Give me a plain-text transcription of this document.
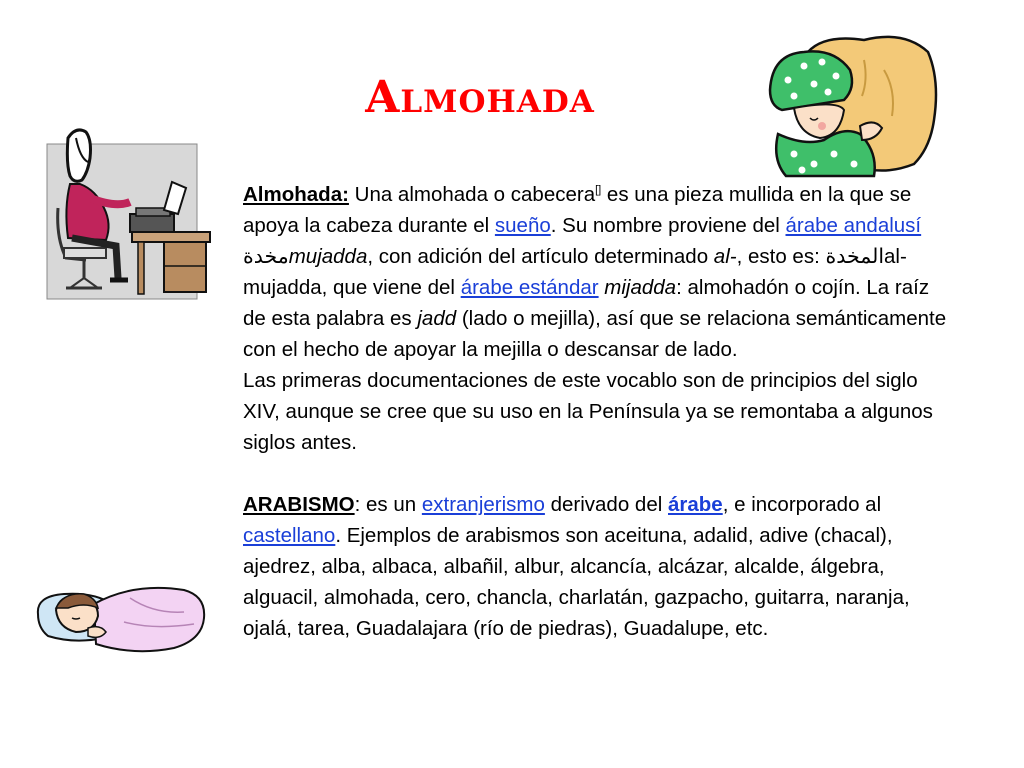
Almohada

Almohada: Una almohada o cabecera[] es una pieza mullida en la que se apoya la cabeza durante el sueño. Su nombre proviene del árabe andalusí مخدةmujadda, con adición del artículo determinado al-, esto es: المخدةal-mujadda, que viene del árabe estándar mijadda: almohadón o cojín. La raíz de esta palabra es jadd (lado o mejilla), así que se relaciona semánticamente con el hecho de apoyar la mejilla o descansar de lado.

Las primeras documentaciones de este vocablo son de principios del siglo XIV, aunque se cree que su uso en la Península ya se remontaba a algunos siglos antes.

ARABISMO: es un extranjerismo derivado del árabe, e incorporado al castellano. Ejemplos de arabismos son aceituna, adalid, adive (chacal), ajedrez, alba, albaca, albañil, albur, alcancía, alcázar, alcalde, álgebra, alguacil, almohada, cero, chancla, charlatán, gazpacho, guitarra, naranja, ojalá, tarea, Guadalajara (río de piedras), Guadalupe, etc.
